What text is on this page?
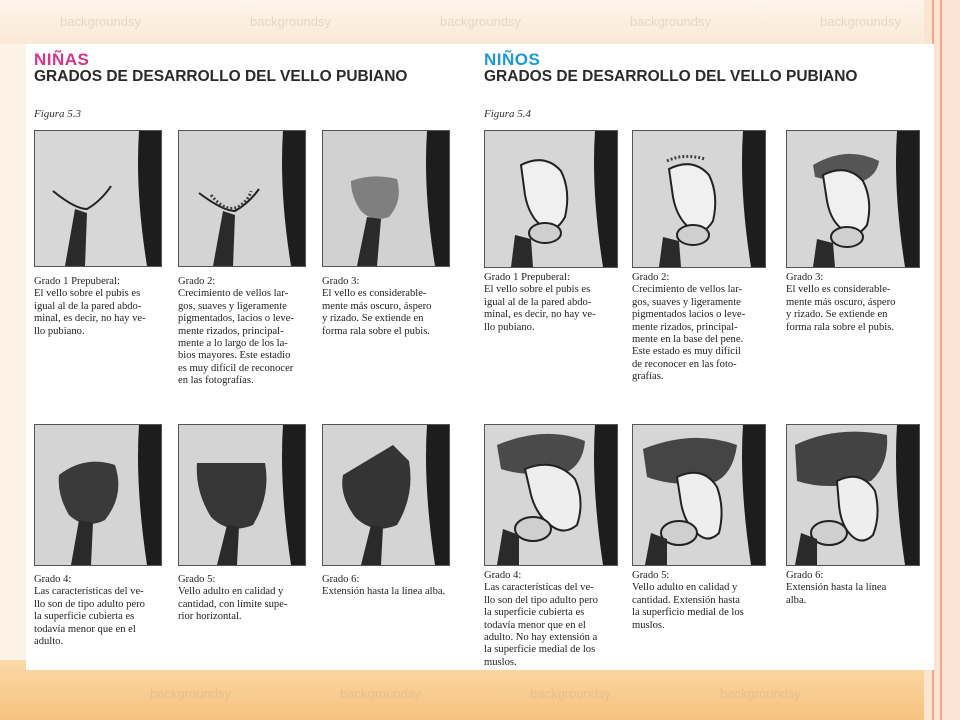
backgroundsy	backgroundsy	backgroundsy	backgroundsy	backgroundsy
backgroundsy	backgroundsy	backgroundsy	backgroundsy
NIÑAS
GRADOS DE DESARROLLO DEL VELLO PUBIANO
Figura 5.3
Grado 1 Prepuberal:
El vello sobre el pubis es
igual al de la pared abdo-
minal, es decir, no hay ve-
llo pubiano.
Grado 2:
Crecimiento de vellos lar-
gos, suaves y ligeramente
pigmentados, lacios o leve-
mente rizados, principal-
mente a lo largo de los la-
bios mayores. Este estadio
es muy difícil de reconocer
en las fotografías.
Grado 3:
El vello es considerable-
mente más oscuro, áspero
y rizado. Se extiende en
forma rala sobre el pubis.
Grado 4:
Las características del ve-
llo son de tipo adulto pero
la superficie cubierta es
todavía menor que en el
adulto.
Grado 5:
Vello adulto en calidad y
cantidad, con límite supe-
rior horizontal.
Grado 6:
Extensión hasta la línea alba.
NIÑOS
GRADOS DE DESARROLLO DEL VELLO PUBIANO
Figura 5.4
Grado 1 Prepuberal:
El vello sobre el pubis es
igual al de la pared abdo-
minal, es decir, no hay ve-
llo pubiano.
Grado 2:
Crecimiento de vellos lar-
gos, suaves y ligeramente
pigmentados lacios o leve-
mente rizados, principal-
mente en la base del pene.
Este estado es muy difícil
de reconocer en las foto-
grafías.
Grado 3:
El vello es considerable-
mente más oscuro, áspero
y rizado. Se extiende en
forma rala sobre el pubis.
Grado 4:
Las características del ve-
llo son del tipo adulto pero
la superficie cubierta es
todavía menor que en el
adulto. No hay extensión a
la superficie medial de los
muslos.
Grado 5:
Vello adulto en calidad y
cantidad. Extensión hasta
la superficio medial de los
muslos.
Grado 6:
Extensión hasta la línea
alba.
